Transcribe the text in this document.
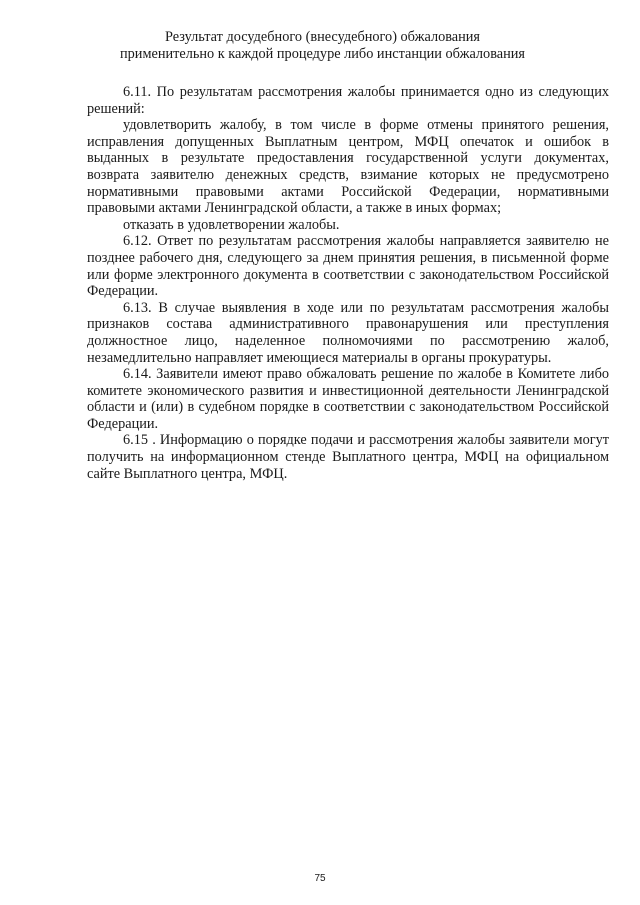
Результат досудебного (внесудебного) обжалования
применительно к каждой процедуре либо инстанции обжалования

6.11. По результатам рассмотрения жалобы принимается одно из следующих решений:

удовлетворить жалобу, в том числе в форме отмены принятого решения, исправления допущенных Выплатным центром, МФЦ опечаток и ошибок в выданных в результате предоставления государственной услуги документах, возврата заявителю денежных средств, взимание которых не предусмотрено нормативными правовыми актами Российской Федерации, нормативными правовыми актами Ленинградской области, а также в иных формах;

отказать в удовлетворении жалобы.

6.12. Ответ по результатам рассмотрения жалобы направляется заявителю не позднее рабочего дня, следующего за днем принятия решения, в письменной форме или форме электронного документа в соответствии с законодательством Российской Федерации.

6.13. В случае выявления в ходе или по результатам рассмотрения жалобы признаков состава административного правонарушения или преступления должностное лицо, наделенное полномочиями по рассмотрению жалоб, незамедлительно направляет имеющиеся материалы в органы прокуратуры.

6.14. Заявители имеют право обжаловать решение по жалобе в Комитете либо комитете экономического развития и инвестиционной деятельности Ленинградской области и (или) в судебном порядке в соответствии с законодательством Российской Федерации.

6.15 . Информацию о порядке подачи и рассмотрения жалобы заявители могут получить на информационном стенде Выплатного центра, МФЦ на официальном сайте Выплатного центра, МФЦ.

75
